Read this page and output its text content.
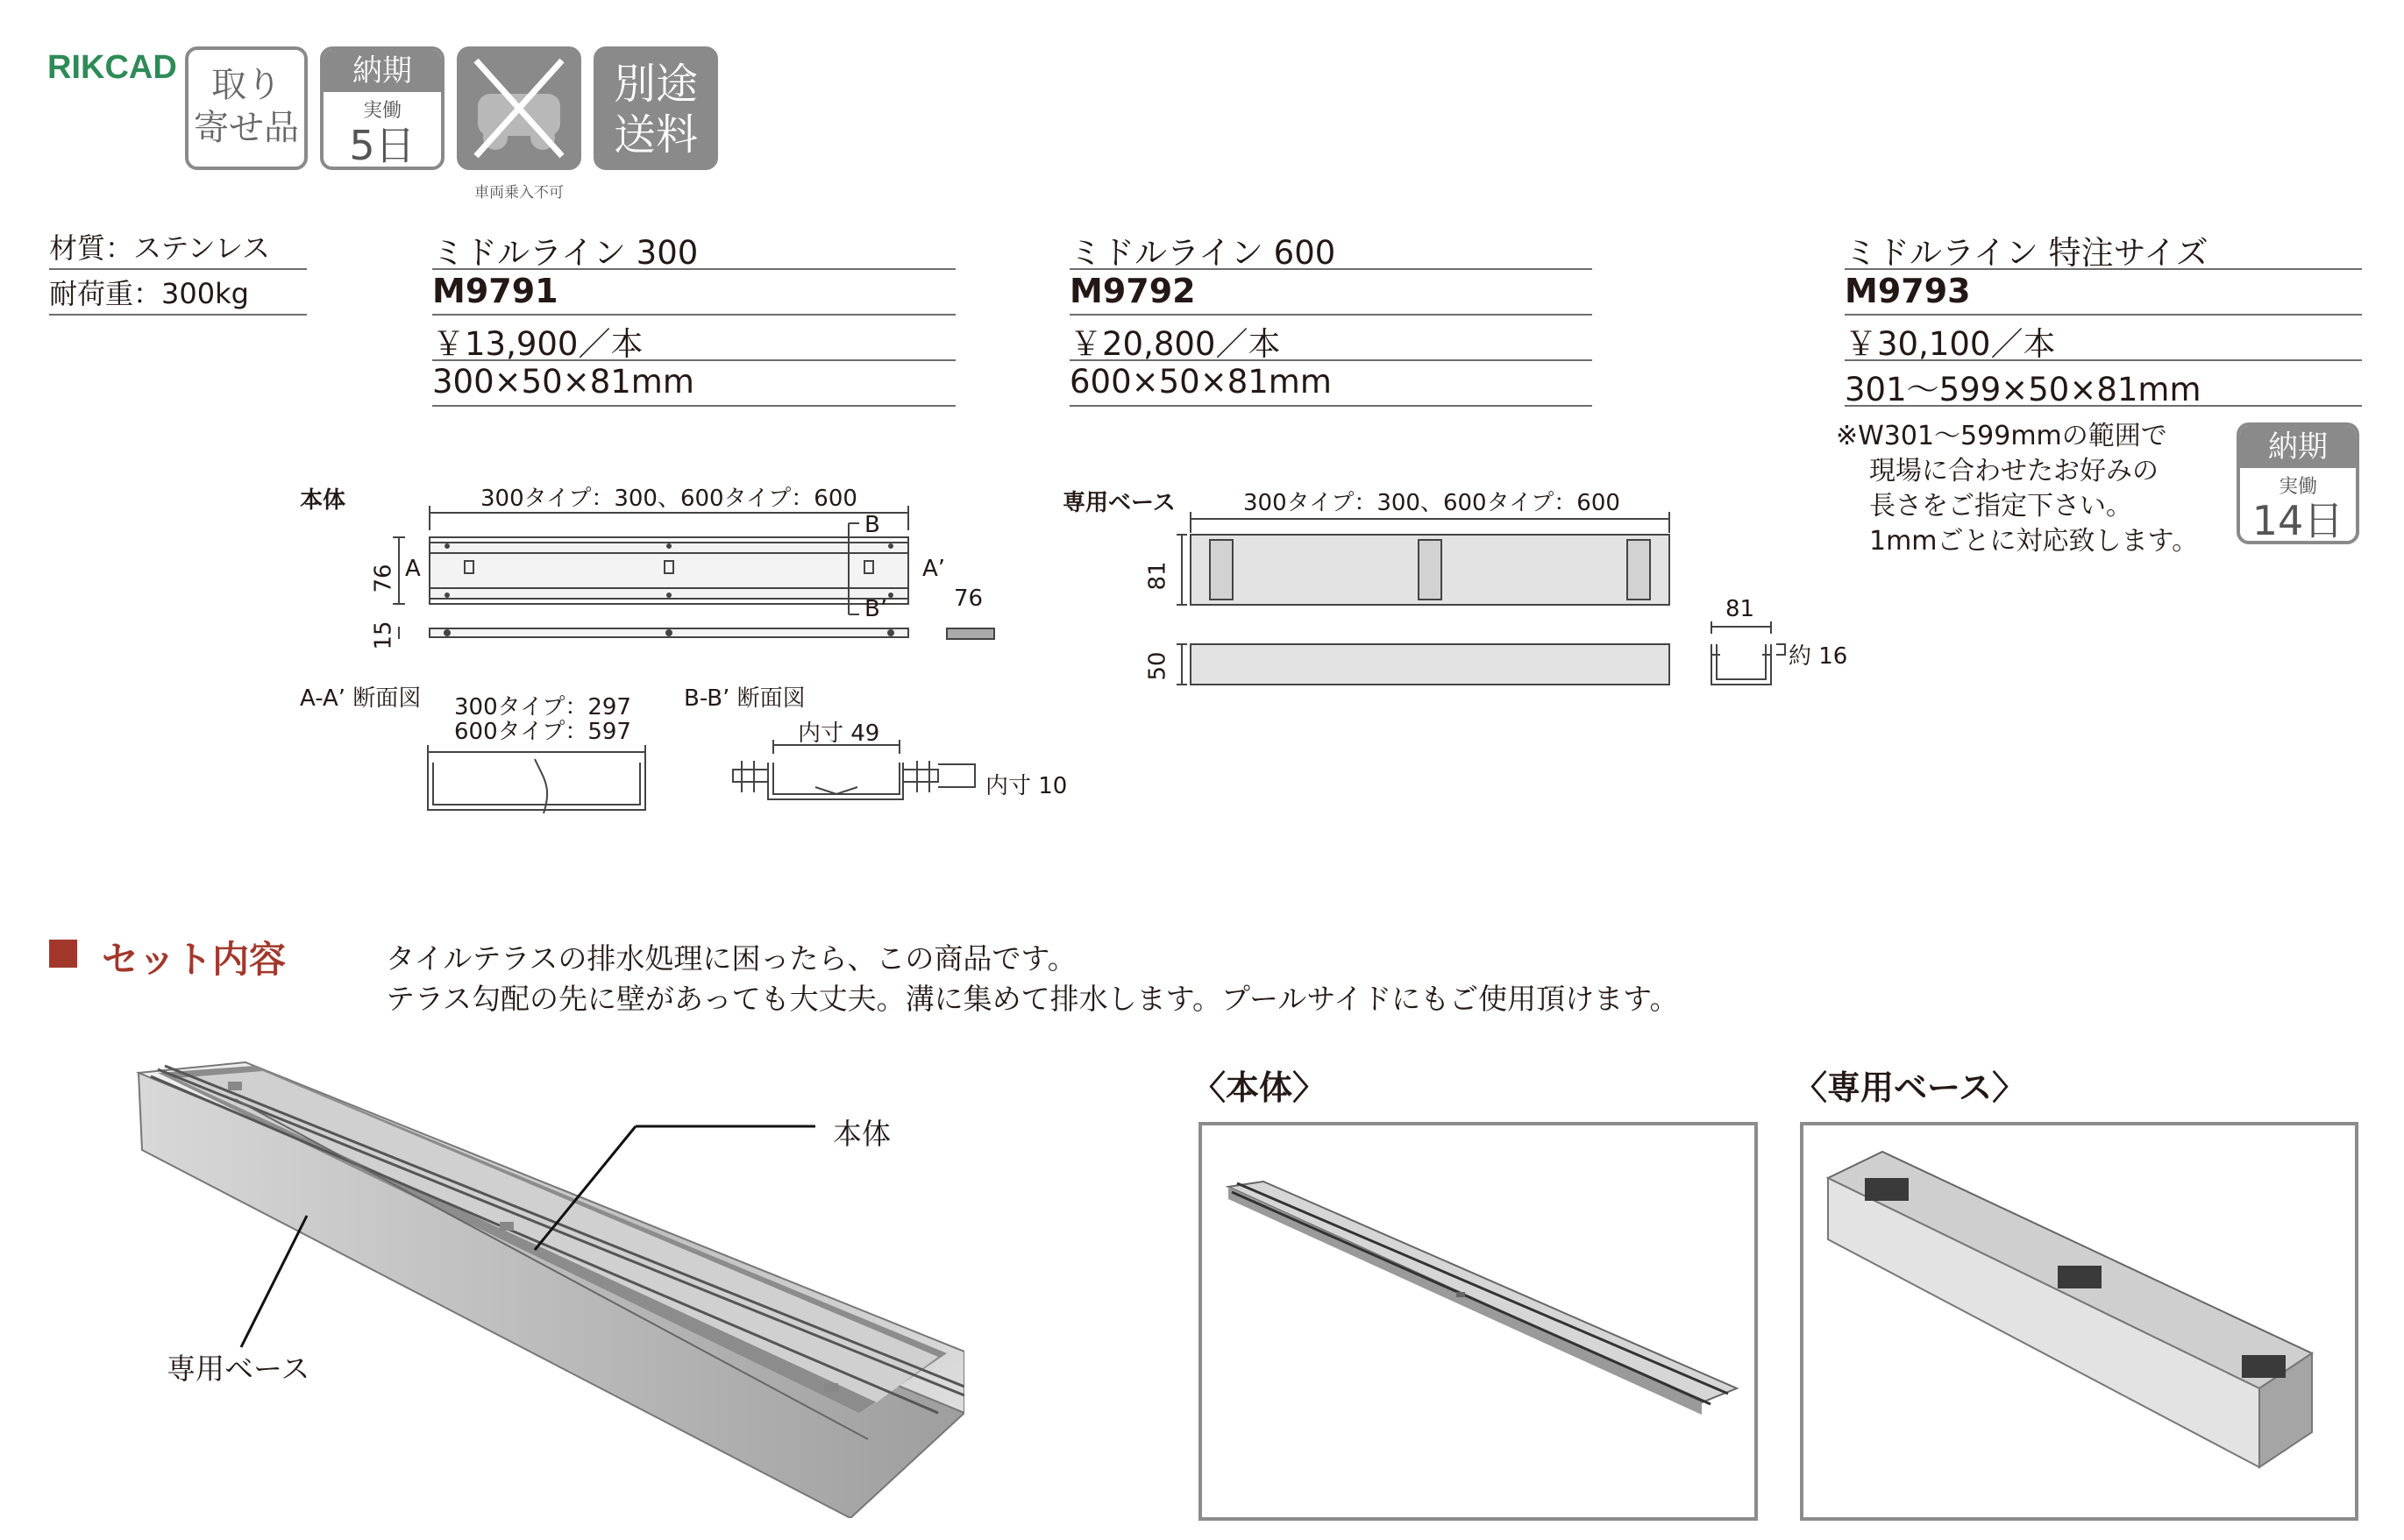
RIKCAD 取り
寄せ品
納期
実働
5日
車両乗入不可
別途
送料
材質：ステンレス
耐荷重：300kg
ミドルライン 300
M9791
￥13,900／本
300×50×81mm
ミドルライン 600
M9792
￥20,800／本
600×50×81mm
ミドルライン 特注サイズ
M9793
￥30,100／本
301～599×50×81mm
※W301～599mmの範囲で
現場に合わせたお好みの
長さをご指定下さい。
1mmごとに対応致します。
納期
実働
14日
本体	300タイプ：300、600タイプ：600
76
15
A	A’
B
B’	76
A-A’ 断面図 300タイプ：297
600タイプ：597
B-B’ 断面図
内寸 49
内寸 10
専用ベース	300タイプ：300、600タイプ：600
81
50
81
約 16
セット内容	タイルテラスの排水処理に困ったら、この商品です。
テラス勾配の先に壁があっても大丈夫。溝に集めて排水します。プールサイドにもご使用頂けます。
本体
専用ベース
〈本体〉	〈専用ベース〉
